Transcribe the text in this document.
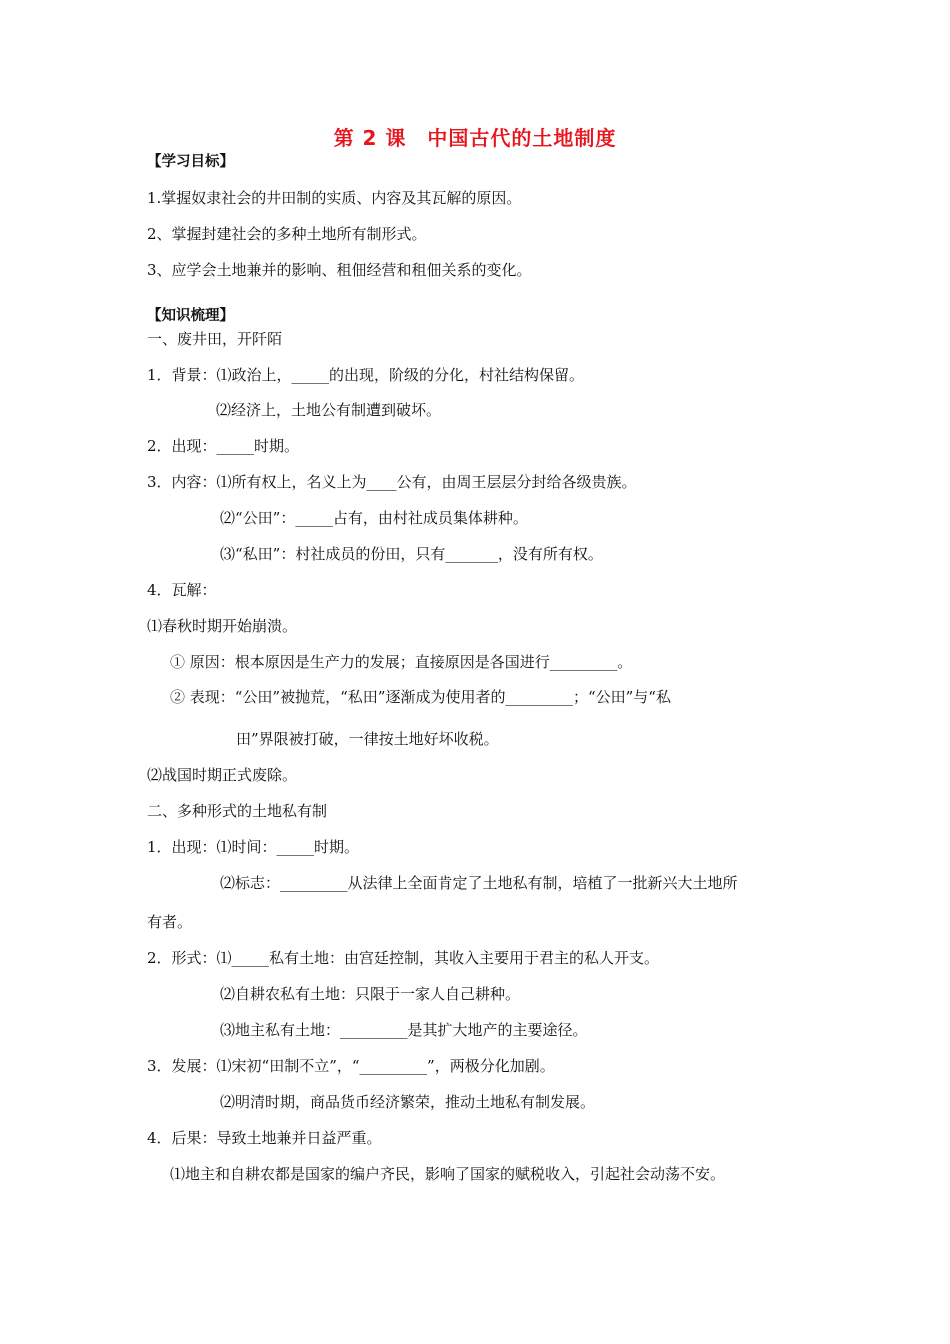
第 2 课　中国古代的土地制度
【学习目标】
1.掌握奴隶社会的井田制的实质、内容及其瓦解的原因。
2、掌握封建社会的多种土地所有制形式。
3、应学会土地兼并的影响、租佃经营和租佃关系的变化。
【知识梳理】
一、废井田，开阡陌
1．背景：⑴政治上，_____的出现，阶级的分化，村社结构保留。
⑵经济上，土地公有制遭到破坏。
2．出现：_____时期。
3．内容：⑴所有权上，名义上为____公有，由周王层层分封给各级贵族。
⑵“公田”：_____占有，由村社成员集体耕种。
⑶“私田”：村社成员的份田，只有_______，没有所有权。
4．瓦解：
⑴春秋时期开始崩溃。
① 原因：根本原因是生产力的发展；直接原因是各国进行_________。
② 表现：“公田”被抛荒，“私田”逐渐成为使用者的_________；“公田”与“私
田”界限被打破，一律按土地好坏收税。
⑵战国时期正式废除。
二、多种形式的土地私有制
1．出现：⑴时间：_____时期。
⑵标志：_________从法律上全面肯定了土地私有制，培植了一批新兴大土地所
有者。
2．形式：⑴_____私有土地：由宫廷控制，其收入主要用于君主的私人开支。
⑵自耕农私有土地：只限于一家人自己耕种。
⑶地主私有土地：_________是其扩大地产的主要途径。
3．发展：⑴宋初“田制不立”，“_________”，两极分化加剧。
⑵明清时期，商品货币经济繁荣，推动土地私有制发展。
4．后果：导致土地兼并日益严重。
⑴地主和自耕农都是国家的编户齐民，影响了国家的赋税收入，引起社会动荡不安。
